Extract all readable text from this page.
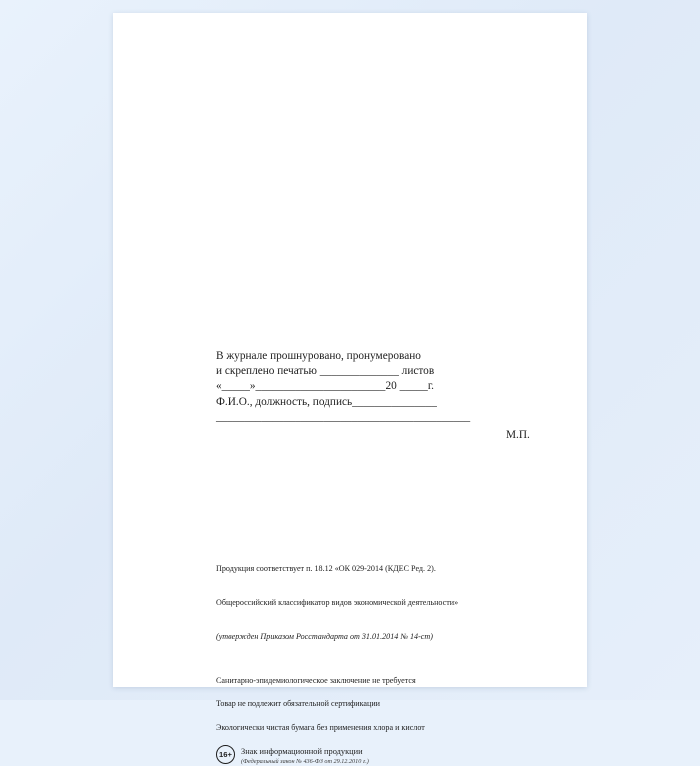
В журнале прошнуровано, пронумеровано
и скреплено печатью ______________ листов
«_____»_______________________20 _____г.
Ф.И.О., должность, подпись_______________
_____________________________________________
М.П.

Продукция соответствует п. 18.12 «ОК 029-2014 (КДЕС Ред. 2).

Общероссийский классификатор видов экономической деятельности»

(утвержден Приказом Росстандарта от 31.01.2014 № 14-ст)

Санитарно-эпидемиологическое заключение не требуется
Товар не подлежит обязательной сертификации
Экологически чистая бумага без применения хлора и кислот
16+	Знак информационной продукции
(Федеральный закон № 436-ФЗ от 29.12.2010 г.)
